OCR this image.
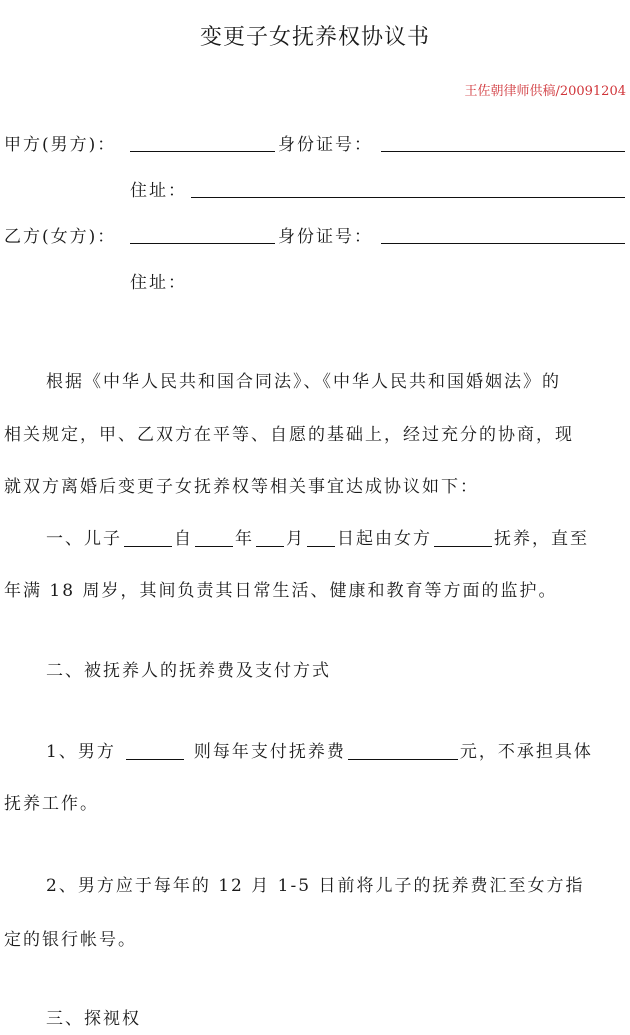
变更子女抚养权协议书
王佐朝律师供稿/20091204
甲方(男方)：	身份证号：
住址：
乙方(女方)：	身份证号：
住址：
根据《中华人民共和国合同法》、《中华人民共和国婚姻法》的
相关规定，甲、乙双方在平等、自愿的基础上，经过充分的协商，现
就双方离婚后变更子女抚养权等相关事宜达成协议如下：
一、儿子	自 年 月 日起由女方	抚养，直至
年满 18 周岁，其间负责其日常生活、健康和教育等方面的监护。
二、被抚养人的抚养费及支付方式
1、男方	则每年支付抚养费	元，不承担具体
抚养工作。
2、男方应于每年的 12 月 1-5 日前将儿子的抚养费汇至女方指
定的银行帐号。
三、探视权
